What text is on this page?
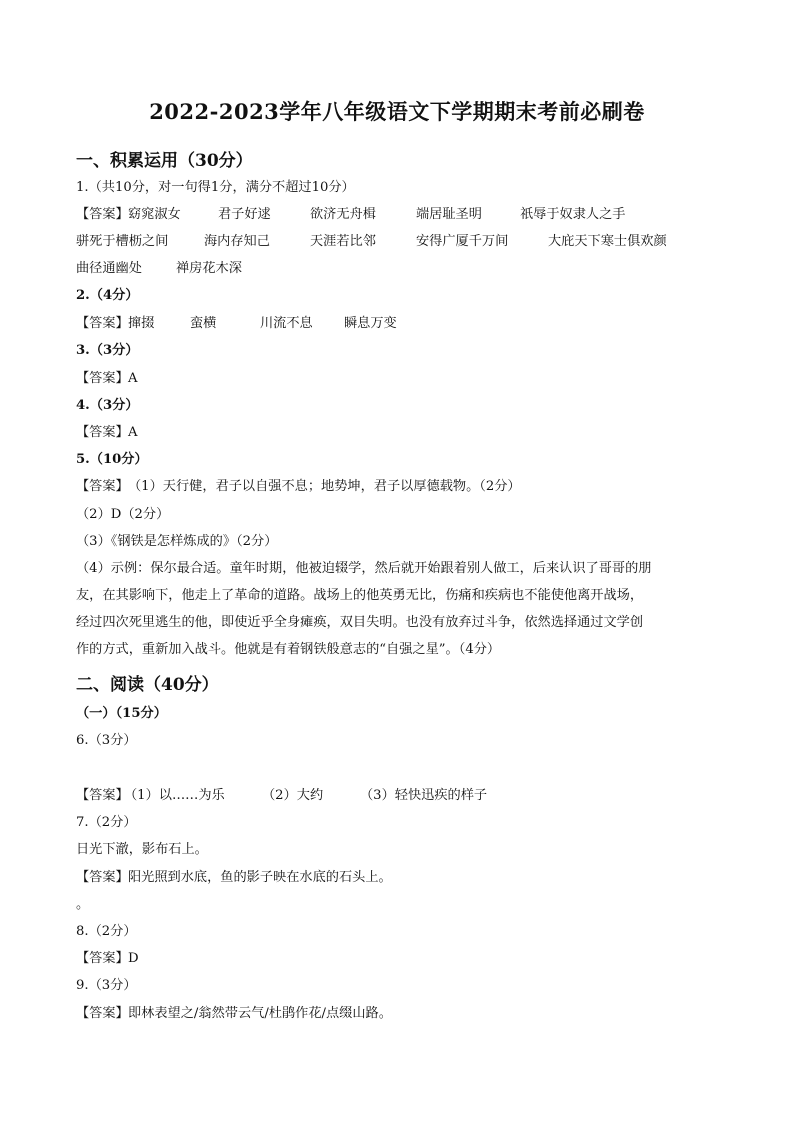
2022-2023学年八年级语文下学期期末考前必刷卷
一、积累运用（30分）
1.（共10分，对一句得1分，满分不超过10分）
【答案】 窈窕淑女	君子好逑	欲济无舟楫	端居耻圣明	祇辱于奴隶人之手
骈死于槽枥之间	海内存知己	天涯若比邻	安得广厦千万间	大庇天下寒士俱欢颜
曲径通幽处	禅房花木深
2.（4分）
【答案】 撺掇	蛮横	川流不息 瞬息万变
3.（3分）
【答案】 A
4.（3分）
【答案】 A
5.（10分）
【答案】 （1）天行健，君子以自强不息；地势坤，君子以厚德载物。（2分）
（2）D（2分）
（3）《钢铁是怎样炼成的》（2分）
（4）示例：保尔最合适。童年时期，他被迫辍学，然后就开始跟着别人做工，后来认识了哥哥的朋
友，在其影响下，他走上了革命的道路。战场上的他英勇无比，伤痛和疾病也不能使他离开战场，
经过四次死里逃生的他，即使近乎全身瘫痪，双目失明。也没有放弃过斗争，依然选择通过文学创
作的方式，重新加入战斗。他就是有着钢铁般意志的“自强之星”。（4分）
二、阅读（40分）
（一）（15分）
6.（3分）
【答案】
（1）以……为乐	（2）大约	（3）轻快迅疾的样子
7.（2分）
日光下澈，影布石上。
【答案】 阳光照到水底，鱼的影子映在水底的石头上。
。
8.（2分）
【答案】 D
9.（3分）
【答案】 即林表望之/翁然带云气/杜鹃作花/点缀山路。
